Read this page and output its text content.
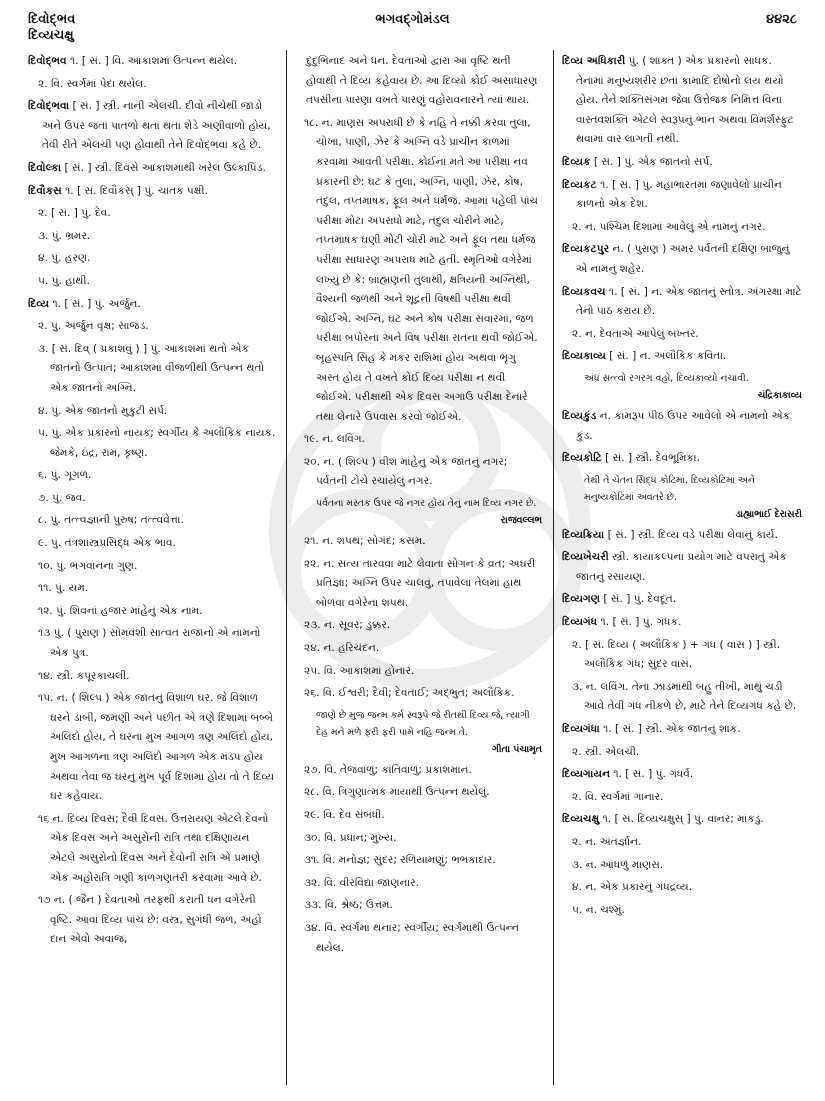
દિવોદ્ભવ
દિવ્યચક્ષુ
ભગવદ્ગોમંડલ	૪૪૨૮
દિવોદ્ભવ ૧. [ સં. ] વિ. આકાશમાં ઉત્પન્ન થયેલ.
૨. વિ. સ્વર્ગમાં પેદા થયેલ.
દિવોદ્ભવા [ સં. ] સ્ત્રી. નાની એલચી. દીવો નીચેથી જાડો અને ઉપર જતાં પાતળો થતાં થતાં શેડે અણીવાળો હોય, તેવી રીતે એલચી પણ હોવાથી તેને દિવોદ્ભવા કહે છે.
દિવોલ્કા [ સં. ] સ્ત્રી. દિવસે આકાશમાંથી ખરેલ ઉલ્કાપિંડ.
દિવૌકસ ૧. [ સં. દિવૌકસ્ ] પું. ચાતક પક્ષી.
૨. [ સં. ] પું. દેવ.
૩. પું. ભ્રમર.
૪. પું. હરણ.
૫. પું. હાથી.
દિવ્ય ૧. [ સં. ] પું. અર્જુન.
૨. પું. અર્જુન વૃક્ષ; સાજડ.
૩. [ સં. દિવ્ ( પ્રકાશવું ) ] પું. આકાશમાં થતો એક જાતનો ઉત્પાત; આકાશમાં વીજળીથી ઉત્પન્ન થતો એક જાતનો અગ્નિ.
૪. પું. એક જાતનો મુકુટી સર્પ.
૫. પું. એક પ્રકારનો નાયક; સ્વર્ગીય કે અલૌકિક નાયક. જેમકે, ઇંદ્ર, રામ, કૃષ્ણ.
૬. પું. ગૂગળ.
૭. પું. જવ.
૮. પું. તત્ત્વજ્ઞાની પુરુષ; તત્ત્વવેત્તા.
૯. પું. તંત્રશાસ્ત્રપ્રસિદ્ધ એક ભાવ.
૧૦. પું. ભગવાનના ગુણ.
૧૧. પું. યમ.
૧૨. પું. શિવનાં હજાર માંહેનું એક નામ.
૧૩ પું. ( પુરાણ ) સોમવંશી સાત્વત રાજાનો એ નામનો એક પુત્ર.
૧૪. સ્ત્રી. કપૂરકાચલી.
૧૫. ન. ( શિલ્પ ) એક જાતનું વિશાળ ઘર. જે વિશાળ ઘરને ડાબી, જમણી અને પછીત એ ત્રણે દિશામાં બબ્બે અલિંદો હોય, તે ઘરના મુખ આગળ ત્રણ અલિંદો હોય, મુખ આગળના ત્રણ અલિંદો આગળ એક મંડપ હોય અથવા તેવા જ ઘરનું મુખ પૂર્વ દિશામાં હોય તો તે દિવ્ય ઘર કહેવાય.
૧૬ ન. દિવ્ય દિવસ; દૈવી દિવસ. ઉત્તરાયણ એટલે દેવનો એક દિવસ અને અસુરોની રાત્રિ તથા દક્ષિણાયન એટલે અસુરોનો દિવસ અને દેવોની રાત્રિ એ પ્રમાણે એક અહોરાત્રિ ગણી કાળગણતરી કરવામાં આવે છે.
૧૭ ન. ( જૈન ) દેવતાઓ તરફથી કરાતી ધન વગેરેની વૃષ્ટિ. આવાં દિવ્ય પાંચ છે: વસ્ત્ર, સુગંધી જળ, અહો દાન એવો અવાજ,
દુંદુભિનાદ અને ધન. દેવતાઓ દ્વારા આ વૃષ્ટિ થતી હોવાથી તે દિવ્ય કહેવાય છે. આ દિવ્યો કોઈ અસાધારણ તપસીના પારણા વખતે પારણું વહોરાવનારને ત્યાં થાય.
૧૮. ન. માણસ અપરાધી છે કે નહિ તે નક્કી કરવા તુલા, ચોખા, પાણી, ઝેર કે અગ્નિ વડે પ્રાચીન કાળમાં કરવામાં આવતી પરીક્ષા. કોઈના મતે આ પરીક્ષા નવ પ્રકારની છે: ઘટ કે તુલા, અગ્નિ, પાણી, ઝેર, કોષ, તંદુલ, તપ્તમાષક, ફૂલ અને ધર્મજ. આમાં પહેલી પાંચ પરીક્ષા મોટા અપરાધો માટે, તંદુલ ચોરીને માટે, તપ્તમાષક ઘણી મોટી ચોરી માટે અને ફૂલ તથા ધર્મજ પરીક્ષા સાધારણ અપરાધ માટે હતી. સ્મૃતિઓ વગેરેમાં લખ્યું છે કે: બ્રાહ્મણની તુલાથી, ક્ષત્રિયની અગ્નિથી, વૈશ્યની જળથી અને શૂદ્રની વિષથી પરીક્ષા થવી જોઈએ. અગ્નિ, ઘટ અને કોષ પરીક્ષા સવારમાં, જળ પરીક્ષા બપોરના અને વિષ પરીક્ષા રાતના થવી જોઈએ. બૃહસ્પતિ સિંહ કે મકર રાશિમાં હોય અથવા ભૃગુ અસ્ત હોય તે વખતે કોઈ દિવ્ય પરીક્ષા ન થવી જોઈએ. પરીક્ષાથી એક દિવસ અગાઉ પરીક્ષા દેનારે તથા લેનારે ઉપવાસ કરવો જોઈએ.
૧૯. ન. લવિંગ.
૨૦. ન. ( શિલ્પ ) વીશ માંહેનું એક જાતનું નગર; પર્વતની ટોચે રચાયેલું નગર.
પર્વતના મસ્તક ઉપર જે નગર હોય તેનું નામ દિવ્ય નગર છે.
રાજવલ્લભ
૨૧. ન. શપથ; સોગંદ; કસમ.
૨૨. ન. સત્ય તારવવા માટે લેવાતા સોગન કે વ્રત; અઘરી પ્રતિજ્ઞા; અગ્નિ ઉપર ચાલવું, તપાવેલા તેલમાં હાથ બોળવા વગેરેના શપથ.
૨૩. ન. સૂવર; ડુક્કર.
૨૪. ન. હરિચંદન.
૨૫. વિ. આકાશમાં હોનાર.
૨૬. વિ. ઈશ્વરી; દૈવી; દેવતાઈ; અદ્ભુત; અલૌકિક.
જાણે છે મુજ જન્મ કર્મ સ્વરૂપે જે રીતથી દિવ્ય જે, ત્યાગી દેહ મને મળે ફરી ફરી પામે નહિ જન્મ તે.
ગીતા પંચામૃત
૨૭. વિ. તેજવાળું; કાંતિવાળું; પ્રકાશમાન.
૨૮. વિ. ત્રિગુણાત્મક માયાથી ઉત્પન્ન થયેલું.
૨૯. વિ. દેવ સંબંધી.
૩૦. વિ. પ્રધાન; મુખ્ય.
૩૧. વિ. મનોજ્ઞ; સુંદર; રળિયામણું; ભભકાદાર.
૩૨. વિ. વીરવિદ્યા જાણનાર.
૩૩. વિ. શ્રેષ્ઠ; ઉત્તમ.
૩૪. વિ. સ્વર્ગમાં થનાર; સ્વર્ગીય; સ્વર્ગમાંથી ઉત્પન્ન થયેલ.
દિવ્ય અધિકારી પું. ( શાક્ત ) એક પ્રકારનો સાધક. તેનામાં મનુષ્યશરીર છતાં કામાદિ દોષોનો લય થયો હોય. તેને શક્તિસંગમ જેવા ઉત્તેજક નિમિત્ત વિના વાસ્તવશક્તિ એટલે સ્વરૂપનું ભાન અથવા વિમર્શસ્ફુટ થવામાં વાર લાગતી નથી.
દિવ્યક [ સં. ] પું. એક જાતનો સર્પ.
દિવ્યકટ ૧. [ સં. ] પું. મહાભારતમાં જણાવેલો પ્રાચીન કાળનો એક દેશ.
૨. ન. પશ્ચિમ દિશામાં આવેલું એ નામનું નગર.
દિવ્યકટપુર ન. ( પુરાણ ) અમર પર્વતની દક્ષિણ બાજુનું એ નામનું શહેર.
દિવ્યકવચ ૧. [ સં. ] ન. એક જાતનું સ્તોત્ર. અંગરક્ષા માટે તેનો પાઠ કરાય છે.
૨. ન. દેવતાએ આપેલું બખ્તર.
દિવ્યકાવ્ય [ સં. ] ન. અલૌકિક કવિતા.
અંધ્ર સત્ત્વો રગરગ વહો, દિવ્યકાવ્યો નચાવી.
ચંદ્રિકાકાવ્ય
દિવ્યકુંડ ન. કામરૂપ પીઠ ઉપર આવેલો એ નામનો એક કુંડ.
દિવ્યકોટિ [ સં. ] સ્ત્રી. દેવભૂમિકા.
તેથી તે ચેતન સિદ્ધ કોટિમાં, દિવ્યકોટિમાં અને મનુષ્યકોટિમાં અવતરે છે.
ડાહ્યાભાઈ દેરાસરી
દિવ્યક્રિયા [ સં. ] સ્ત્રી. દિવ્ય વડે પરીક્ષા લેવાનું કાર્ય.
દિવ્યખેચરી સ્ત્રી. કાયાકલ્પના પ્રયોગ માટે વપરાતું એક જાતનું રસાયણ.
દિવ્યગણ [ સં. ] પું. દેવદૂત.
દિવ્યગંધ ૧. [ સં. ] પું. ગંધક.
૨. [ સં. દિવ્ય ( અલૌકિક ) + ગંધ ( વાસ ) ] સ્ત્રી. અલૌકિક ગંધ; સુંદર વાસ.
૩. ન. લવિંગ. તેના ઝાડમાંથી બહુ તીખી, માથું ચડી આવે તેવી ગંધ નીકળે છે, માટે તેને દિવ્યગંધ કહે છે.
દિવ્યગંધા ૧. [ સં. ] સ્ત્રી. એક જાતનું શાક.
૨. સ્ત્રી. એલચી.
દિવ્યગાયન ૧. [ સં. ] પું. ગંધર્વ.
૨. વિ. સ્વર્ગમાં ગાનાર.
દિવ્યચક્ષુ ૧. [ સં. દિવ્યચક્ષુસ્ ] પું. વાનર; માંકડું.
૨. ન. અંતર્જ્ઞાન.
૩. ન. આંધળું માણસ.
૪. ન. એક પ્રકારનું ગંધદ્રવ્ય.
૫. ન. ચશ્મું.
